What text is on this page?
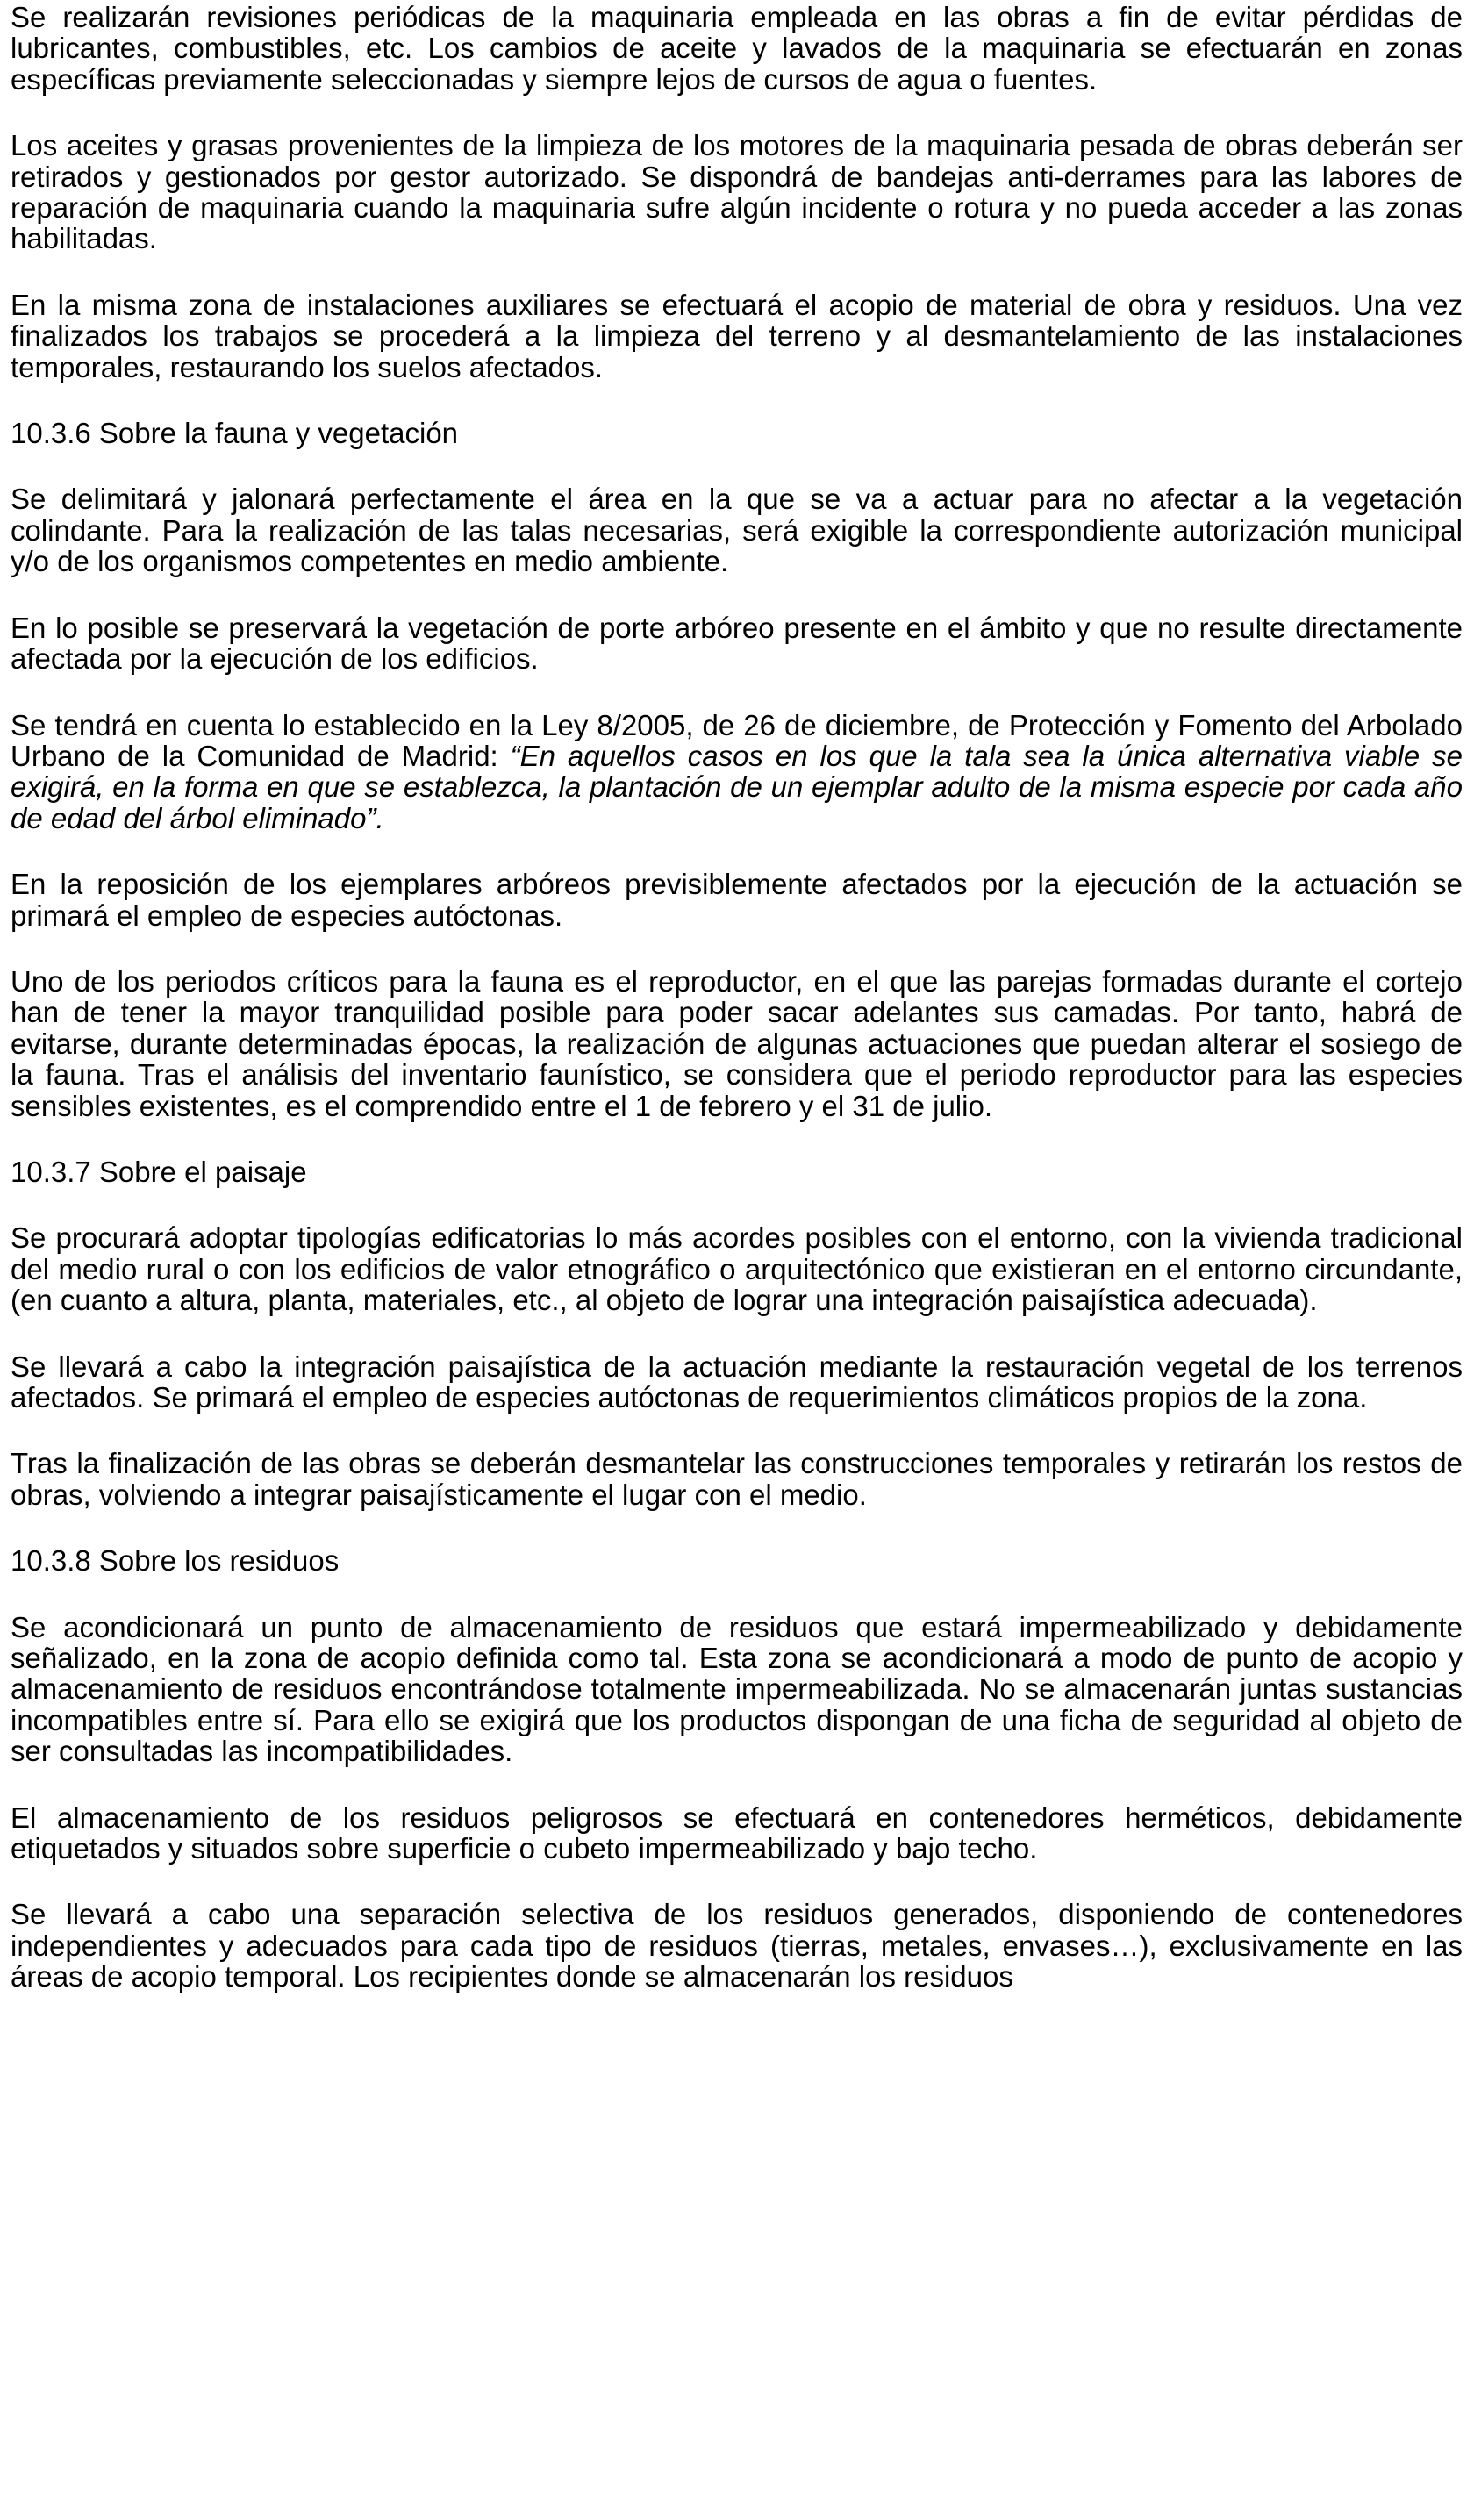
Se realizarán revisiones periódicas de la maquinaria empleada en las obras a fin de evitar pérdidas de lubricantes, combustibles, etc. Los cambios de aceite y lavados de la maquinaria se efectuarán en zonas específicas previamente seleccionadas y siempre lejos de cursos de agua o fuentes.

Los aceites y grasas provenientes de la limpieza de los motores de la maquinaria pesada de obras deberán ser retirados y gestionados por gestor autorizado. Se dispondrá de bandejas anti-derrames para las labores de reparación de maquinaria cuando la maquinaria sufre algún incidente o rotura y no pueda acceder a las zonas habilitadas.

En la misma zona de instalaciones auxiliares se efectuará el acopio de material de obra y residuos. Una vez finalizados los trabajos se procederá a la limpieza del terreno y al desmantelamiento de las instalaciones temporales, restaurando los suelos afectados.

10.3.6 Sobre la fauna y vegetación

Se delimitará y jalonará perfectamente el área en la que se va a actuar para no afectar a la vegetación colindante. Para la realización de las talas necesarias, será exigible la correspondiente autorización municipal y/o de los organismos competentes en medio ambiente.

En lo posible se preservará la vegetación de porte arbóreo presente en el ámbito y que no resulte directamente afectada por la ejecución de los edificios.

Se tendrá en cuenta lo establecido en la Ley 8/2005, de 26 de diciembre, de Protección y Fomento del Arbolado Urbano de la Comunidad de Madrid: “En aquellos casos en los que la tala sea la única alternativa viable se exigirá, en la forma en que se establezca, la plantación de un ejemplar adulto de la misma especie por cada año de edad del árbol eliminado”.

En la reposición de los ejemplares arbóreos previsiblemente afectados por la ejecución de la actuación se primará el empleo de especies autóctonas.

Uno de los periodos críticos para la fauna es el reproductor, en el que las parejas formadas durante el cortejo han de tener la mayor tranquilidad posible para poder sacar adelantes sus camadas. Por tanto, habrá de evitarse, durante determinadas épocas, la realización de algunas actuaciones que puedan alterar el sosiego de la fauna. Tras el análisis del inventario faunístico, se considera que el periodo reproductor para las especies sensibles existentes, es el comprendido entre el 1 de febrero y el 31 de julio.

10.3.7 Sobre el paisaje

Se procurará adoptar tipologías edificatorias lo más acordes posibles con el entorno, con la vivienda tradicional del medio rural o con los edificios de valor etnográfico o arquitectónico que existieran en el entorno circundante, (en cuanto a altura, planta, materiales, etc., al objeto de lograr una integración paisajística adecuada).

Se llevará a cabo la integración paisajística de la actuación mediante la restauración vegetal de los terrenos afectados. Se primará el empleo de especies autóctonas de requerimientos climáticos propios de la zona.

Tras la finalización de las obras se deberán desmantelar las construcciones temporales y retirarán los restos de obras, volviendo a integrar paisajísticamente el lugar con el medio.

10.3.8 Sobre los residuos

Se acondicionará un punto de almacenamiento de residuos que estará impermeabilizado y debidamente señalizado, en la zona de acopio definida como tal. Esta zona se acondicionará a modo de punto de acopio y almacenamiento de residuos encontrándose totalmente impermeabilizada. No se almacenarán juntas sustancias incompatibles entre sí. Para ello se exigirá que los productos dispongan de una ficha de seguridad al objeto de ser consultadas las incompatibilidades.

El almacenamiento de los residuos peligrosos se efectuará en contenedores herméticos, debidamente etiquetados y situados sobre superficie o cubeto impermeabilizado y bajo techo.

Se llevará a cabo una separación selectiva de los residuos generados, disponiendo de contenedores independientes y adecuados para cada tipo de residuos (tierras, metales, envases…), exclusivamente en las áreas de acopio temporal. Los recipientes donde se almacenarán los residuos
